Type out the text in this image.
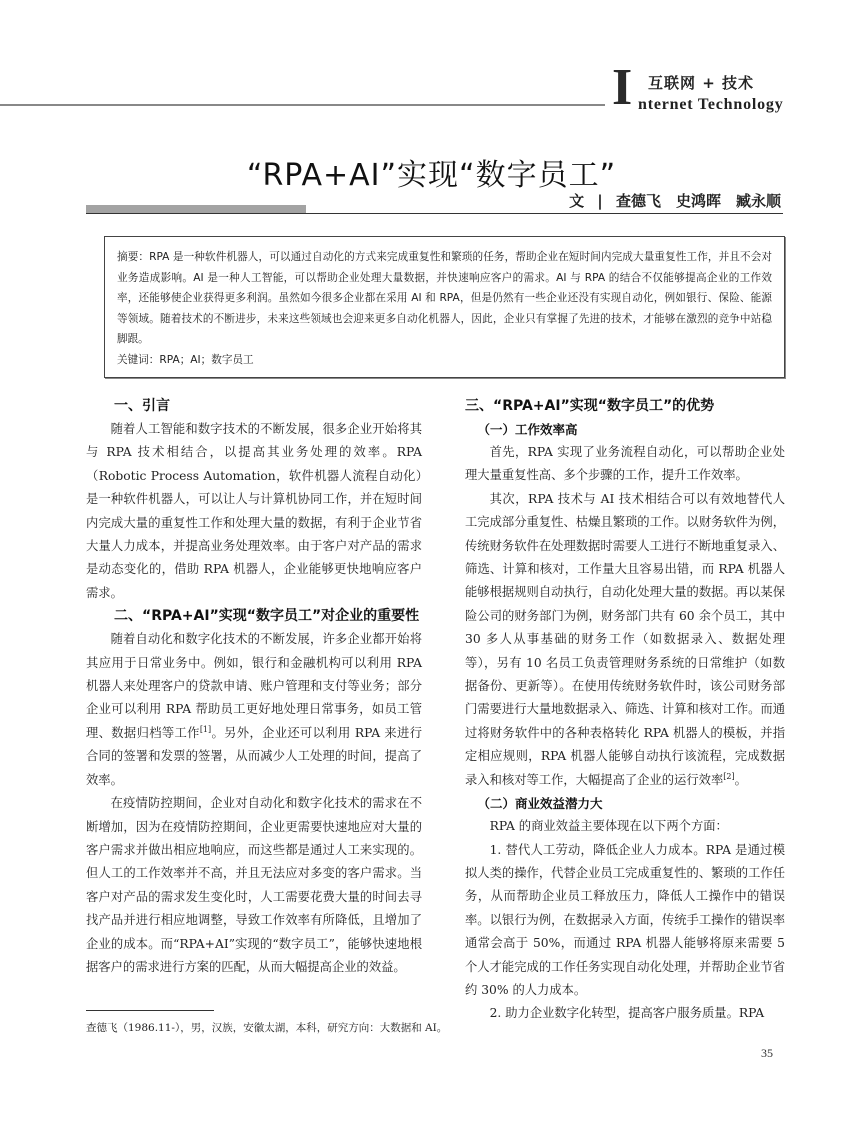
I 互联网 + 技术
nternet Technology
“RPA+AI”实现“数字员工”
文 | 查德飞　史鸿晖　臧永顺

摘要：RPA 是一种软件机器人，可以通过自动化的方式来完成重复性和繁琐的任务，帮助企业在短时间内完成大量重复性工作，并且不会对业务造成影响。AI 是一种人工智能，可以帮助企业处理大量数据，并快速响应客户的需求。AI 与 RPA 的结合不仅能够提高企业的工作效率，还能够使企业获得更多利润。虽然如今很多企业都在采用 AI 和 RPA，但是仍然有一些企业还没有实现自动化，例如银行、保险、能源等领域。随着技术的不断进步，未来这些领域也会迎来更多自动化机器人，因此，企业只有掌握了先进的技术，才能够在激烈的竞争中站稳脚跟。

关键词：RPA；AI；数字员工

一、引言

随着人工智能和数字技术的不断发展，很多企业开始将其与 RPA 技术相结合，以提高其业务处理的效率。RPA（Robotic Process Automation，软件机器人流程自动化）是一种软件机器人，可以让人与计算机协同工作，并在短时间内完成大量的重复性工作和处理大量的数据，有利于企业节省大量人力成本，并提高业务处理效率。由于客户对产品的需求是动态变化的，借助 RPA 机器人，企业能够更快地响应客户需求。

二、“RPA+AI”实现“数字员工”对企业的重要性

随着自动化和数字化技术的不断发展，许多企业都开始将其应用于日常业务中。例如，银行和金融机构可以利用 RPA 机器人来处理客户的贷款申请、账户管理和支付等业务；部分企业可以利用 RPA 帮助员工更好地处理日常事务，如员工管理、数据归档等工作[1]。另外，企业还可以利用 RPA 来进行合同的签署和发票的签署，从而减少人工处理的时间，提高了效率。

在疫情防控期间，企业对自动化和数字化技术的需求在不断增加，因为在疫情防控期间，企业更需要快速地应对大量的客户需求并做出相应地响应，而这些都是通过人工来实现的。但人工的工作效率并不高，并且无法应对多变的客户需求。当客户对产品的需求发生变化时，人工需要花费大量的时间去寻找产品并进行相应地调整，导致工作效率有所降低，且增加了企业的成本。而“RPA+AI”实现的“数字员工”，能够快速地根据客户的需求进行方案的匹配，从而大幅提高企业的效益。

三、“RPA+AI”实现“数字员工”的优势
（一）工作效率高

首先，RPA 实现了业务流程自动化，可以帮助企业处理大量重复性高、多个步骤的工作，提升工作效率。

其次，RPA 技术与 AI 技术相结合可以有效地替代人工完成部分重复性、枯燥且繁琐的工作。以财务软件为例，传统财务软件在处理数据时需要人工进行不断地重复录入、筛选、计算和核对，工作量大且容易出错，而 RPA 机器人能够根据规则自动执行，自动化处理大量的数据。再以某保险公司的财务部门为例，财务部门共有 60 余个员工，其中 30 多人从事基础的财务工作（如数据录入、数据处理等），另有 10 名员工负责管理财务系统的日常维护（如数据备份、更新等）。在使用传统财务软件时，该公司财务部门需要进行大量地数据录入、筛选、计算和核对工作。而通过将财务软件中的各种表格转化 RPA 机器人的模板，并指定相应规则，RPA 机器人能够自动执行该流程，完成数据录入和核对等工作，大幅提高了企业的运行效率[2]。

（二）商业效益潜力大

RPA 的商业效益主要体现在以下两个方面：

1. 替代人工劳动，降低企业人力成本。RPA 是通过模拟人类的操作，代替企业员工完成重复性的、繁琐的工作任务，从而帮助企业员工释放压力，降低人工操作中的错误率。以银行为例，在数据录入方面，传统手工操作的错误率通常会高于 50%，而通过 RPA 机器人能够将原来需要 5 个人才能完成的工作任务实现自动化处理，并帮助企业节省约 30% 的人力成本。

2. 助力企业数字化转型，提高客户服务质量。RPA

查德飞（1986.11-），男，汉族，安徽太湖，本科，研究方向：大数据和 AI。
35
